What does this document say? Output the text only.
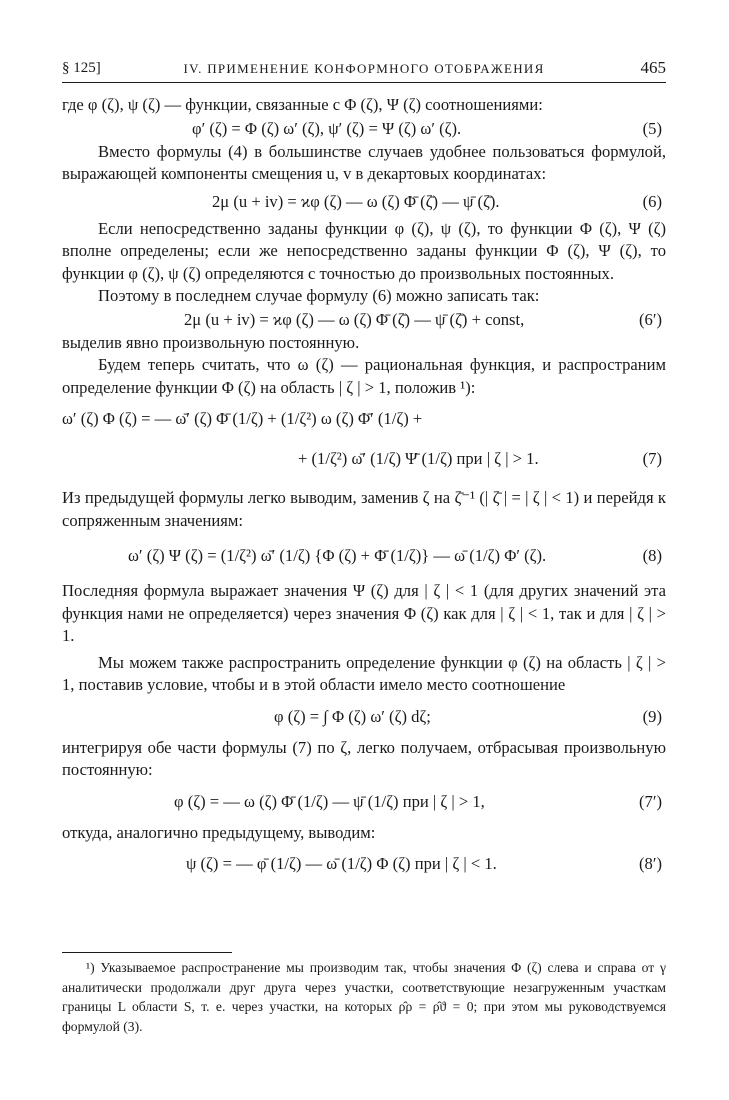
§ 125]	IV. ПРИМЕНЕНИЕ КОНФОРМНОГО ОТОБРАЖЕНИЯ	465

где φ (ζ), ψ (ζ) — функции, связанные с Φ (ζ), Ψ (ζ) соотношениями:

φ′ (ζ) = Φ (ζ) ω′ (ζ), ψ′ (ζ) = Ψ (ζ) ω′ (ζ).	(5)

Вместо формулы (4) в большинстве случаев удобнее пользоваться формулой, выражающей компоненты смещения u, v в декартовых координатах:

2μ (u + iv) = ϰφ (ζ) — ω (ζ) Φ̄ (ζ̄) — ψ̄ (ζ̄).	(6)

Если непосредственно заданы функции φ (ζ), ψ (ζ), то функции Φ (ζ), Ψ (ζ) вполне определены; если же непосредственно заданы функции Φ (ζ), Ψ (ζ), то функции φ (ζ), ψ (ζ) определяются с точностью до произвольных постоянных.

Поэтому в последнем случае формулу (6) можно записать так:

2μ (u + iv) = ϰφ (ζ) — ω (ζ) Φ̄ (ζ̄) — ψ̄ (ζ̄) + const,	(6′)

выделив явно произвольную постоянную.

Будем теперь считать, что ω (ζ) — рациональная функция, и распространим определение функции Φ (ζ) на область | ζ | > 1, положив ¹):

ω′ (ζ) Φ (ζ) = — ω̄′ (ζ) Φ̄ (1/ζ) + (1/ζ²) ω (ζ) Φ̄′ (1/ζ) +
+ (1/ζ²) ω̄′ (1/ζ) Ψ̄ (1/ζ) при | ζ | > 1.	(7)

Из предыдущей формулы легко выводим, заменив ζ на ζ̄⁻¹ (| ζ̄ | = | ζ | < 1) и перейдя к сопряженным значениям:

ω′ (ζ) Ψ (ζ) = (1/ζ²) ω̄′ (1/ζ) {Φ (ζ) + Φ̄ (1/ζ)} — ω̄ (1/ζ) Φ′ (ζ).	(8)

Последняя формула выражает значения Ψ (ζ) для | ζ | < 1 (для других значений эта функция нами не определяется) через значения Φ (ζ) как для | ζ | < 1, так и для | ζ | > 1.

Мы можем также распространить определение функции φ (ζ) на область | ζ | > 1, поставив условие, чтобы и в этой области имело место соотношение

φ (ζ) = ∫ Φ (ζ) ω′ (ζ) dζ;	(9)

интегрируя обе части формулы (7) по ζ, легко получаем, отбрасывая произвольную постоянную:

φ (ζ) = — ω (ζ) Φ̄ (1/ζ) — ψ̄ (1/ζ) при | ζ | > 1,	(7′)

откуда, аналогично предыдущему, выводим:

ψ (ζ) = — φ̄ (1/ζ) — ω̄ (1/ζ) Φ (ζ) при | ζ | < 1.	(8′)

¹) Указываемое распространение мы производим так, чтобы значения Φ (ζ) слева и справа от γ аналитически продолжали друг друга через участки, соответствующие незагруженным участкам границы L области S, т. е. через участки, на которых ρ̂ρ = ρ̂ϑ = 0; при этом мы руководствуемся формулой (3).
